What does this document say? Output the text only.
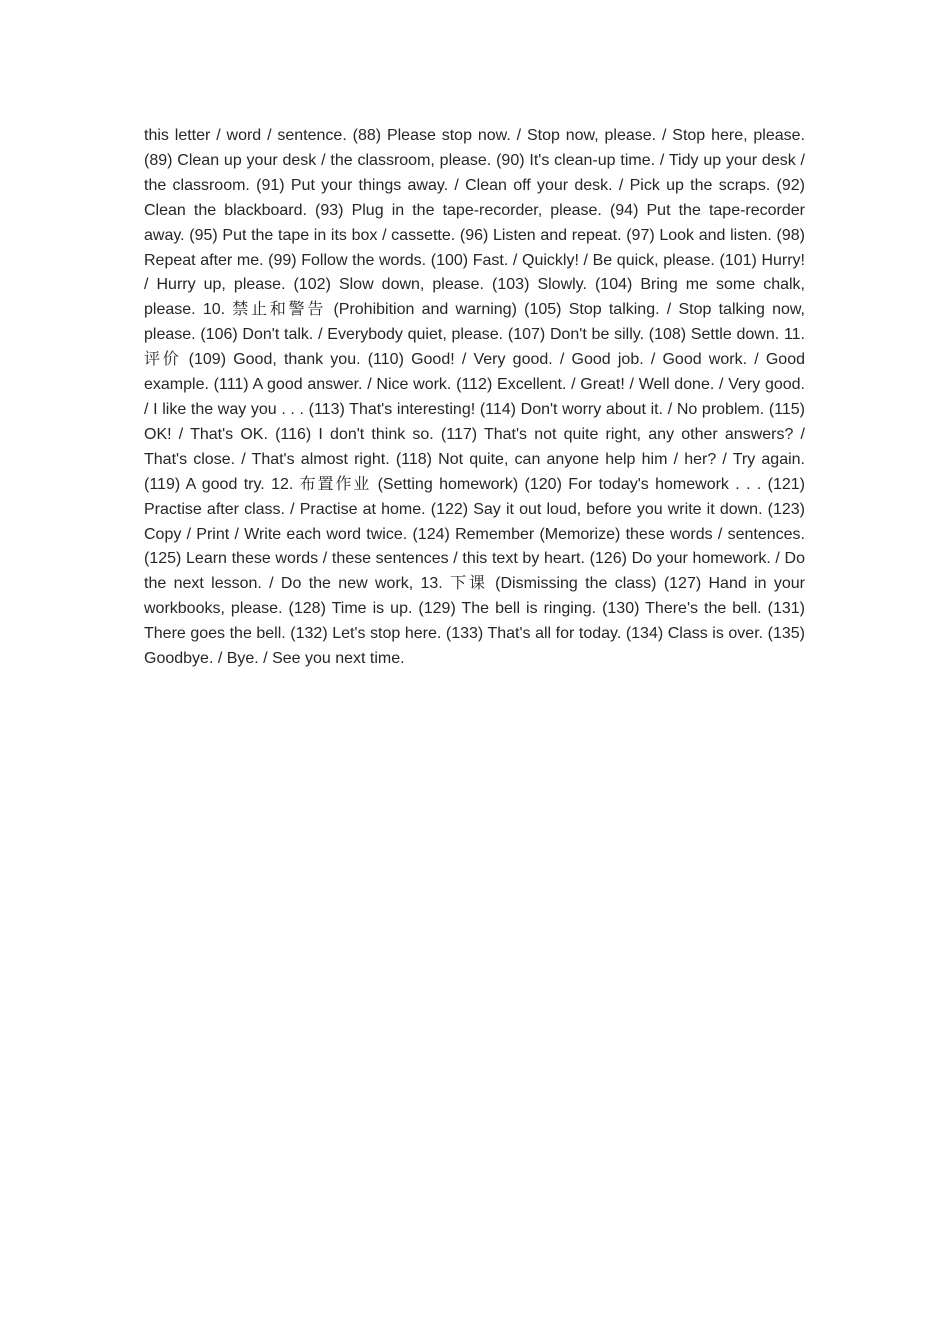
this letter / word / sentence. (88) Please stop now. / Stop now, please. / Stop here, please. (89) Clean up your desk / the classroom, please. (90) It's clean-up time. / Tidy up your desk / the classroom. (91) Put your things away. / Clean off your desk. / Pick up the scraps. (92) Clean the blackboard. (93) Plug in the tape-recorder, please. (94) Put the tape-recorder away. (95) Put the tape in its box / cassette. (96) Listen and repeat. (97) Look and listen. (98) Repeat after me. (99) Follow the words. (100) Fast. / Quickly! / Be quick, please. (101) Hurry! / Hurry up, please. (102) Slow down, please. (103) Slowly. (104) Bring me some chalk, please. 10. 禁止和警告 (Prohibition and warning) (105) Stop talking. / Stop talking now, please. (106) Don't talk. / Everybody quiet, please. (107) Don't be silly. (108) Settle down. 11. 评价 (109) Good, thank you. (110) Good! / Very good. / Good job. / Good work. / Good example. (111) A good answer. / Nice work. (112) Excellent. / Great! / Well done. / Very good. / I like the way you . . . (113) That's interesting! (114) Don't worry about it. / No problem. (115) OK! / That's OK. (116) I don't think so. (117) That's not quite right, any other answers? / That's close. / That's almost right. (118) Not quite, can anyone help him / her? / Try again. (119) A good try. 12. 布置作业 (Setting homework) (120) For today's homework . . . (121) Practise after class. / Practise at home. (122) Say it out loud, before you write it down. (123) Copy / Print / Write each word twice. (124) Remember (Memorize) these words / sentences. (125) Learn these words / these sentences / this text by heart. (126) Do your homework. / Do the next lesson. / Do the new work, 13. 下课 (Dismissing the class) (127) Hand in your workbooks, please. (128) Time is up. (129) The bell is ringing. (130) There's the bell. (131) There goes the bell. (132) Let's stop here. (133) That's all for today. (134) Class is over. (135) Goodbye. / Bye. / See you next time.
